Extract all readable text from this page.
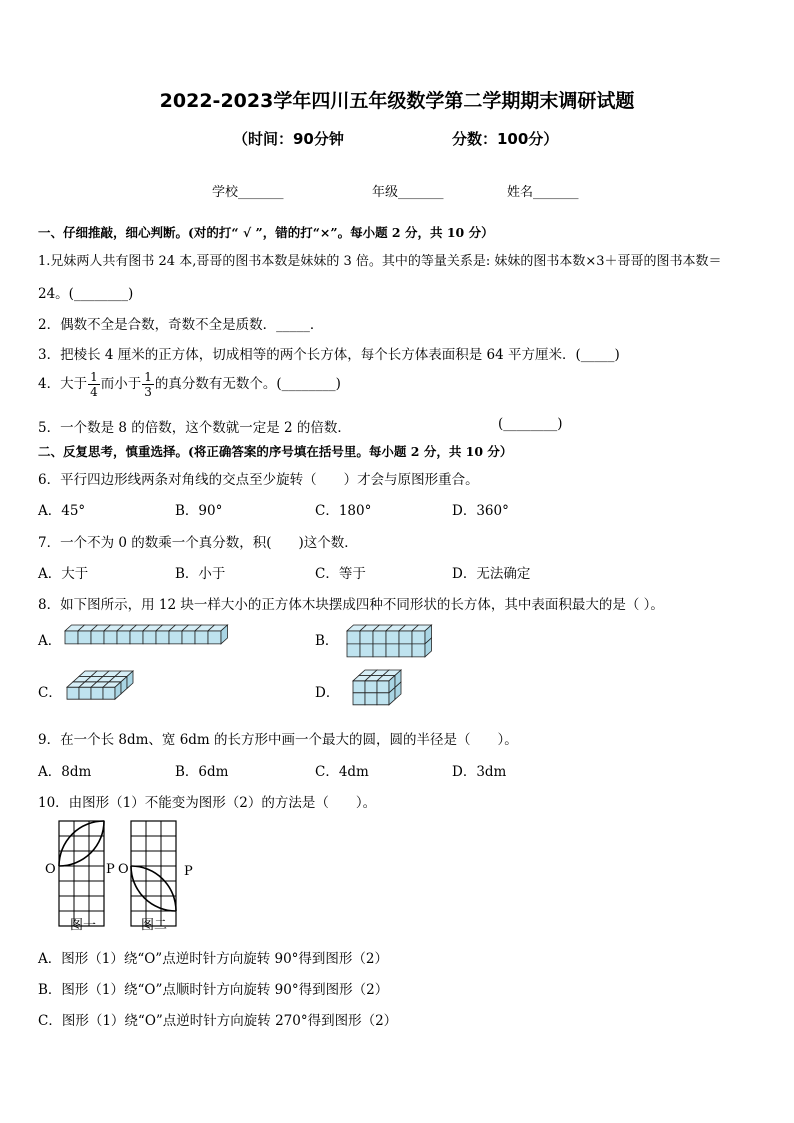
2022-2023学年四川五年级数学第二学期期末调研试题
（时间：90分钟	分数：100分）
学校_______	年级_______	姓名_______
一、仔细推敲，细心判断。(对的打“ √ ”，错的打“×”。每小题 2 分，共 10 分）
1.兄妹两人共有图书 24 本,哥哥的图书本数是妹妹的 3 倍。其中的等量关系是: 妹妹的图书本数×3＋哥哥的图书本数＝
24。(________)
2．偶数不全是合数，奇数不全是质数．_____．
3．把棱长 4 厘米的正方体，切成相等的两个长方体，每个长方体表面积是 64 平方厘米．(_____)
4．大于 $\frac{1}{4}$ 而小于 $\frac{1}{3}$ 的真分数有无数个。(________)
5．一个数是 8 的倍数，这个数就一定是 2 的倍数．	(________)
二、反复思考，慎重选择。(将正确答案的序号填在括号里。每小题 2 分，共 10 分）
6．平行四边形线两条对角线的交点至少旋转（　　）才会与原图形重合。
A．45°	B．90°	C．180°	D．360°
7．一个不为 0 的数乘一个真分数，积(　　)这个数．
A．大于	B．小于	C．等于	D．无法确定
8．如下图所示，用 12 块一样大小的正方体木块摆成四种不同形状的长方体，其中表面积最大的是（ ）。
A．	B．
C．	D．
9．在一个长 8dm、宽 6dm 的长方形中画一个最大的圆，圆的半径是（　　）。
A．8dm	B．6dm	C．4dm	D．3dm
10．由图形（1）不能变为图形（2）的方法是（　　）。
O	P O	P
图一	图二
A．图形（1）绕“O”点逆时针方向旋转 90°得到图形（2）
B．图形（1）绕“O”点顺时针方向旋转 90°得到图形（2）
C．图形（1）绕“O”点逆时针方向旋转 270°得到图形（2）
